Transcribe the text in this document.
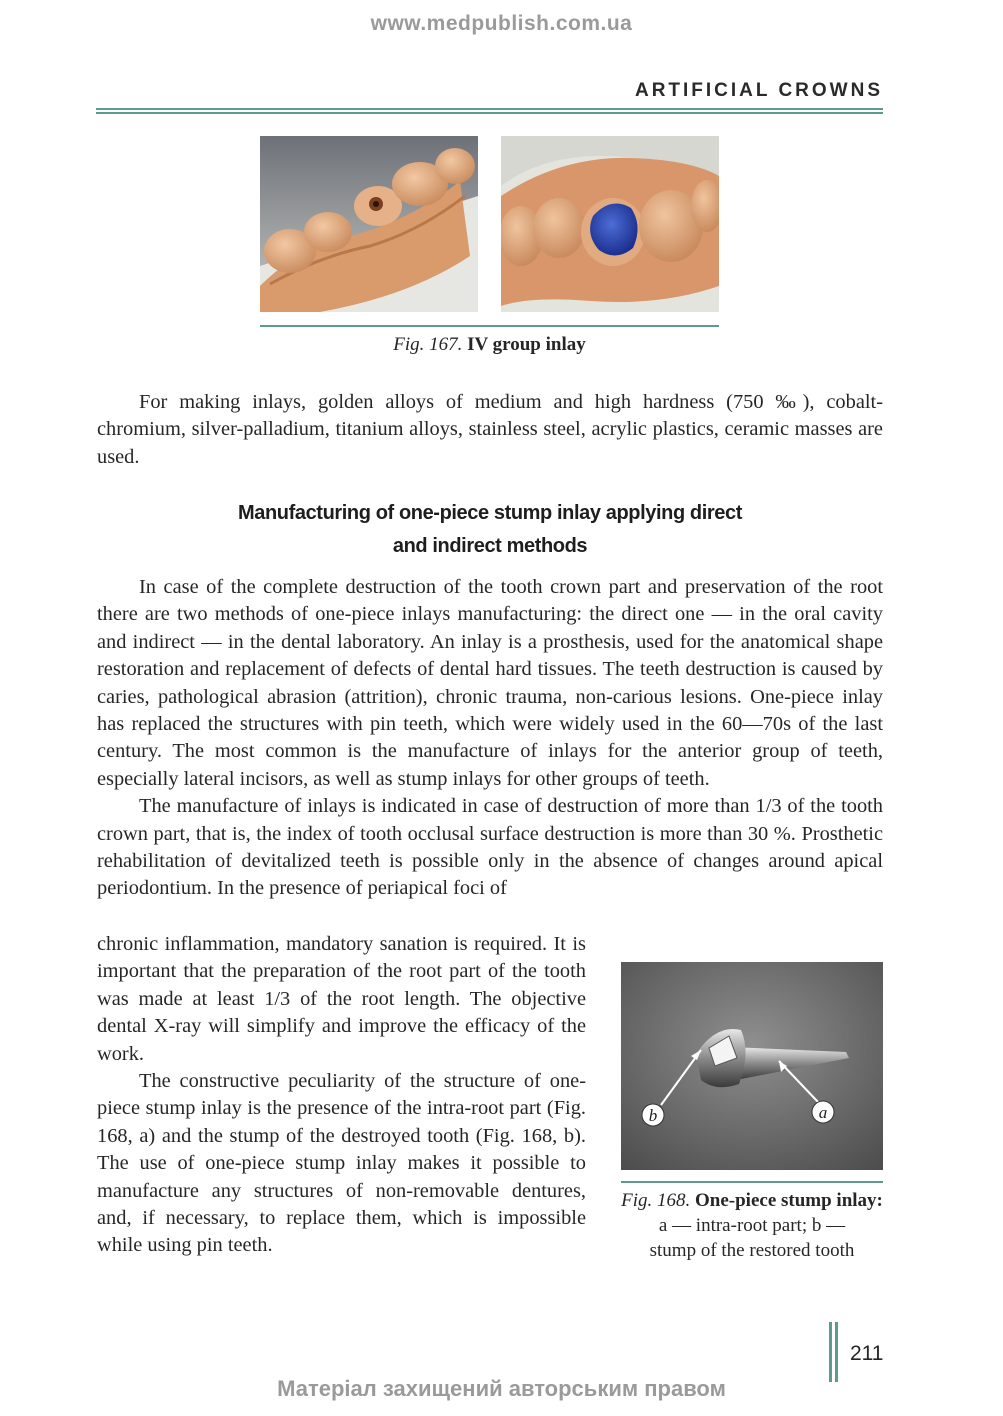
www.medpublish.com.ua
ARTIFICIAL CROWNS
Fig. 167. IV group inlay

For making inlays, golden alloys of medium and high hardness (750 ‰), cobalt-chromium, silver-palladium, titanium alloys, stainless steel, acrylic plastics, ceramic masses are used.

Manufacturing of one-piece stump inlay applying direct
and indirect methods

In case of the complete destruction of the tooth crown part and preservation of the root there are two methods of one-piece inlays manufacturing: the direct one — in the oral cavity and indirect — in the dental laboratory. An inlay is a prosthesis, used for the anatomical shape restoration and replacement of defects of dental hard tissues. The teeth destruction is caused by caries, pathological abrasion (attrition), chronic trauma, non-carious lesions. One-piece inlay has replaced the structures with pin teeth, which were widely used in the 60—70s of the last century. The most common is the manufacture of inlays for the anterior group of teeth, especially lateral incisors, as well as stump inlays for other groups of teeth.

The manufacture of inlays is indicated in case of destruction of more than 1/3 of the tooth crown part, that is, the index of tooth occlusal surface destruction is more than 30 %. Prosthetic rehabilitation of devitalized teeth is possible only in the absence of changes around apical periodontium. In the presence of periapical foci of

chronic inflammation, mandatory sanation is required. It is important that the preparation of the root part of the tooth was made at least 1/3 of the root length. The objective dental X-ray will simplify and improve the efficacy of the work.

The constructive peculiarity of the structure of one-piece stump inlay is the presence of the intra-root part (Fig. 168, a) and the stump of the destroyed tooth (Fig. 168, b). The use of one-piece stump inlay makes it possible to manufacture any structures of non-removable dentures, and, if necessary, to replace them, which is impossible while using pin teeth.

b	a
Fig. 168. One-piece stump inlay:
a — intra-root part; b —
stump of the restored tooth
211
Матеріал захищений авторським правом
